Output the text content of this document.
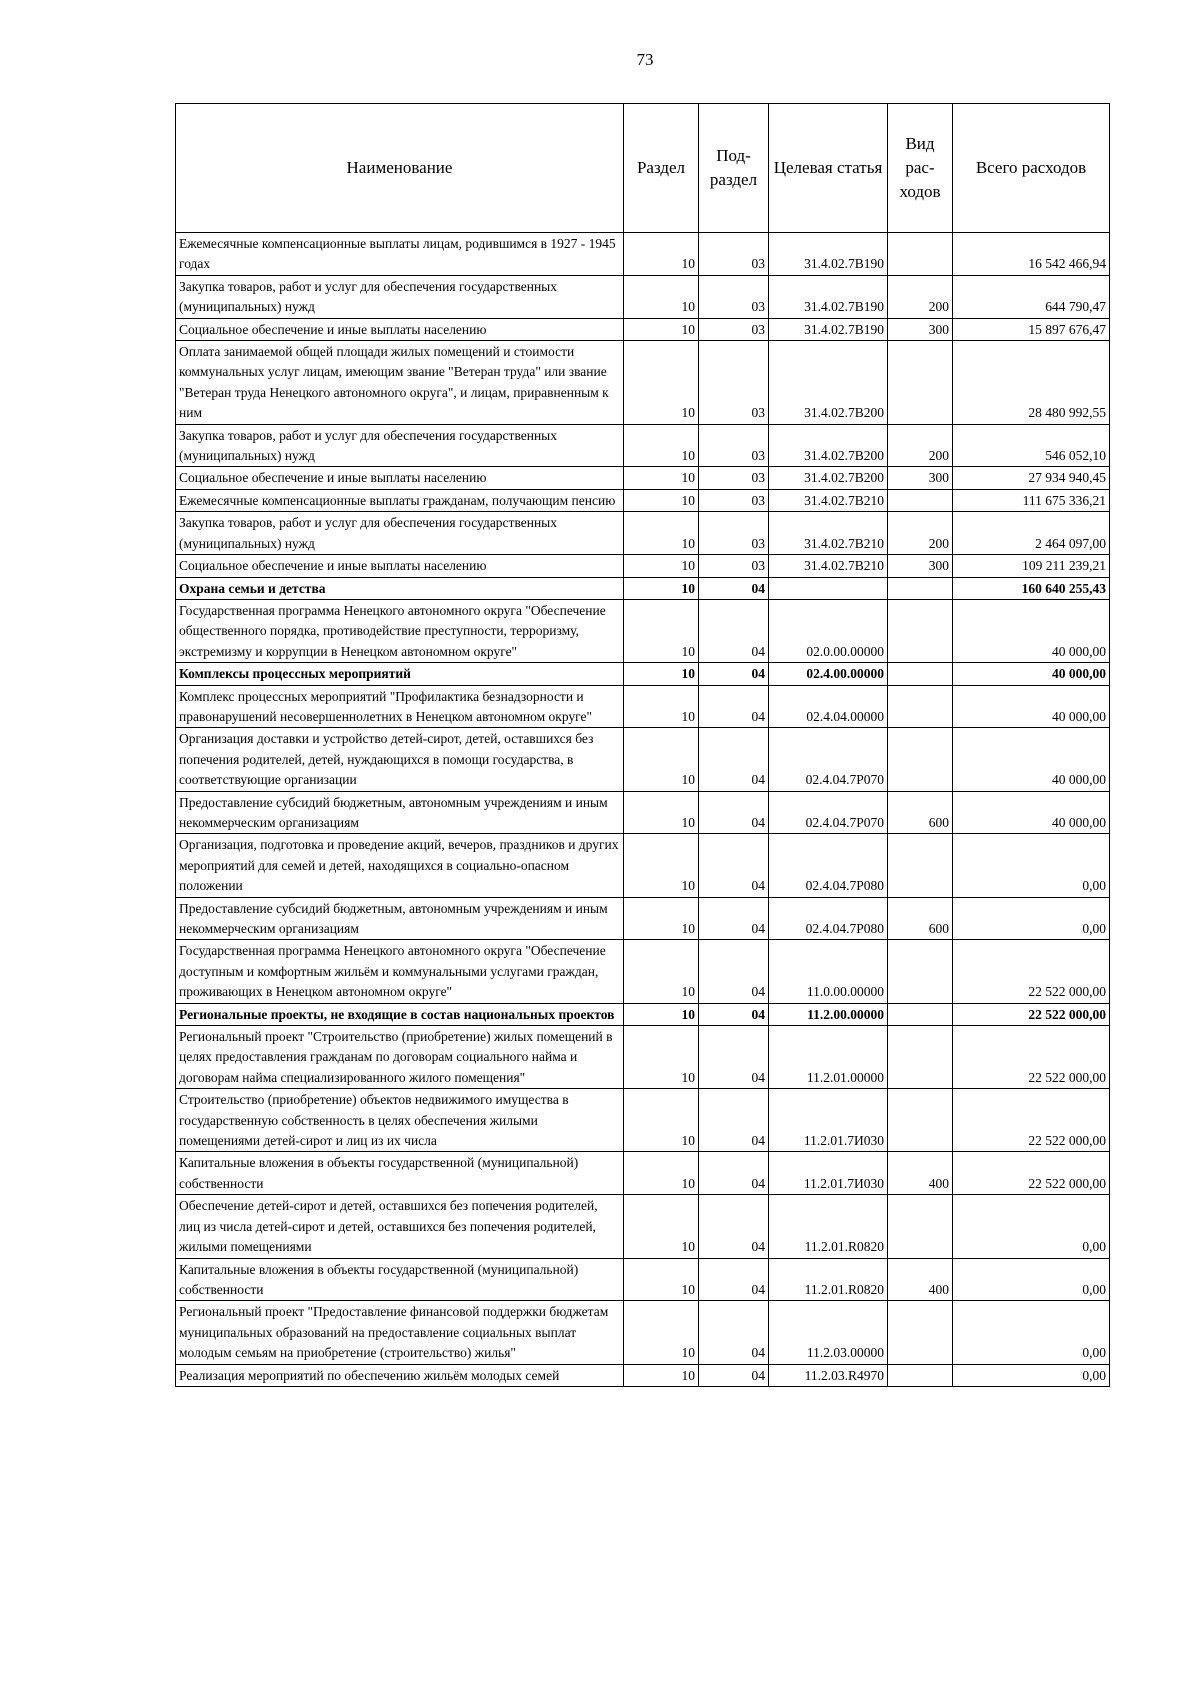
73
Наименование	Раздел	Под-раздел	Целевая статья	Вид рас-ходов	Всего расходов
Ежемесячные компенсационные выплаты лицам, родившимся в 1927 - 1945 годах	10	03	31.4.02.7B190		16 542 466,94
Закупка товаров, работ и услуг для обеспечения государственных (муниципальных) нужд	10	03	31.4.02.7B190	200	644 790,47
Социальное обеспечение и иные выплаты населению	10	03	31.4.02.7B190	300	15 897 676,47
Оплата занимаемой общей площади жилых помещений и стоимости коммунальных услуг лицам, имеющим звание "Ветеран труда" или звание "Ветеран труда Ненецкого автономного округа", и лицам, приравненным к ним	10	03	31.4.02.7B200		28 480 992,55
Закупка товаров, работ и услуг для обеспечения государственных (муниципальных) нужд	10	03	31.4.02.7B200	200	546 052,10
Социальное обеспечение и иные выплаты населению	10	03	31.4.02.7B200	300	27 934 940,45
Ежемесячные компенсационные выплаты гражданам, получающим пенсию	10	03	31.4.02.7B210		111 675 336,21
Закупка товаров, работ и услуг для обеспечения государственных (муниципальных) нужд	10	03	31.4.02.7B210	200	2 464 097,00
Социальное обеспечение и иные выплаты населению	10	03	31.4.02.7B210	300	109 211 239,21
Охрана семьи и детства	10	04			160 640 255,43
Государственная программа Ненецкого автономного округа "Обеспечение общественного порядка, противодействие преступности, терроризму, экстремизму и коррупции в Ненецком автономном округе"	10	04	02.0.00.00000		40 000,00
Комплексы процессных мероприятий	10	04	02.4.00.00000		40 000,00
Комплекс процессных мероприятий "Профилактика безнадзорности и правонарушений несовершеннолетних в Ненецком автономном округе"	10	04	02.4.04.00000		40 000,00
Организация доставки и устройство детей-сирот, детей, оставшихся без попечения родителей, детей, нуждающихся в помощи государства, в соответствующие организации	10	04	02.4.04.7P070		40 000,00
Предоставление субсидий бюджетным, автономным учреждениям и иным некоммерческим организациям	10	04	02.4.04.7P070	600	40 000,00
Организация, подготовка и проведение акций, вечеров, праздников и других мероприятий для семей и детей, находящихся в социально-опасном положении	10	04	02.4.04.7P080		0,00
Предоставление субсидий бюджетным, автономным учреждениям и иным некоммерческим организациям	10	04	02.4.04.7P080	600	0,00
Государственная программа Ненецкого автономного округа "Обеспечение доступным и комфортным жильём и коммунальными услугами граждан, проживающих в Ненецком автономном округе"	10	04	11.0.00.00000		22 522 000,00
Региональные проекты, не входящие в состав национальных проектов	10	04	11.2.00.00000		22 522 000,00
Региональный проект "Строительство (приобретение) жилых помещений в целях предоставления гражданам по договорам социального найма и договорам найма специализированного жилого помещения"	10	04	11.2.01.00000		22 522 000,00
Строительство (приобретение) объектов недвижимого имущества в государственную собственность в целях обеспечения жилыми помещениями детей-сирот и лиц из их числа	10	04	11.2.01.7И030		22 522 000,00
Капитальные вложения в объекты государственной (муниципальной) собственности	10	04	11.2.01.7И030	400	22 522 000,00
Обеспечение детей-сирот и детей, оставшихся без попечения родителей, лиц из числа детей-сирот и детей, оставшихся без попечения родителей, жилыми помещениями	10	04	11.2.01.R0820		0,00
Капитальные вложения в объекты государственной (муниципальной) собственности	10	04	11.2.01.R0820	400	0,00
Региональный проект "Предоставление финансовой поддержки бюджетам муниципальных образований на предоставление социальных выплат молодым семьям на приобретение (строительство) жилья"	10	04	11.2.03.00000		0,00
Реализация мероприятий по обеспечению жильём молодых семей	10	04	11.2.03.R4970		0,00
